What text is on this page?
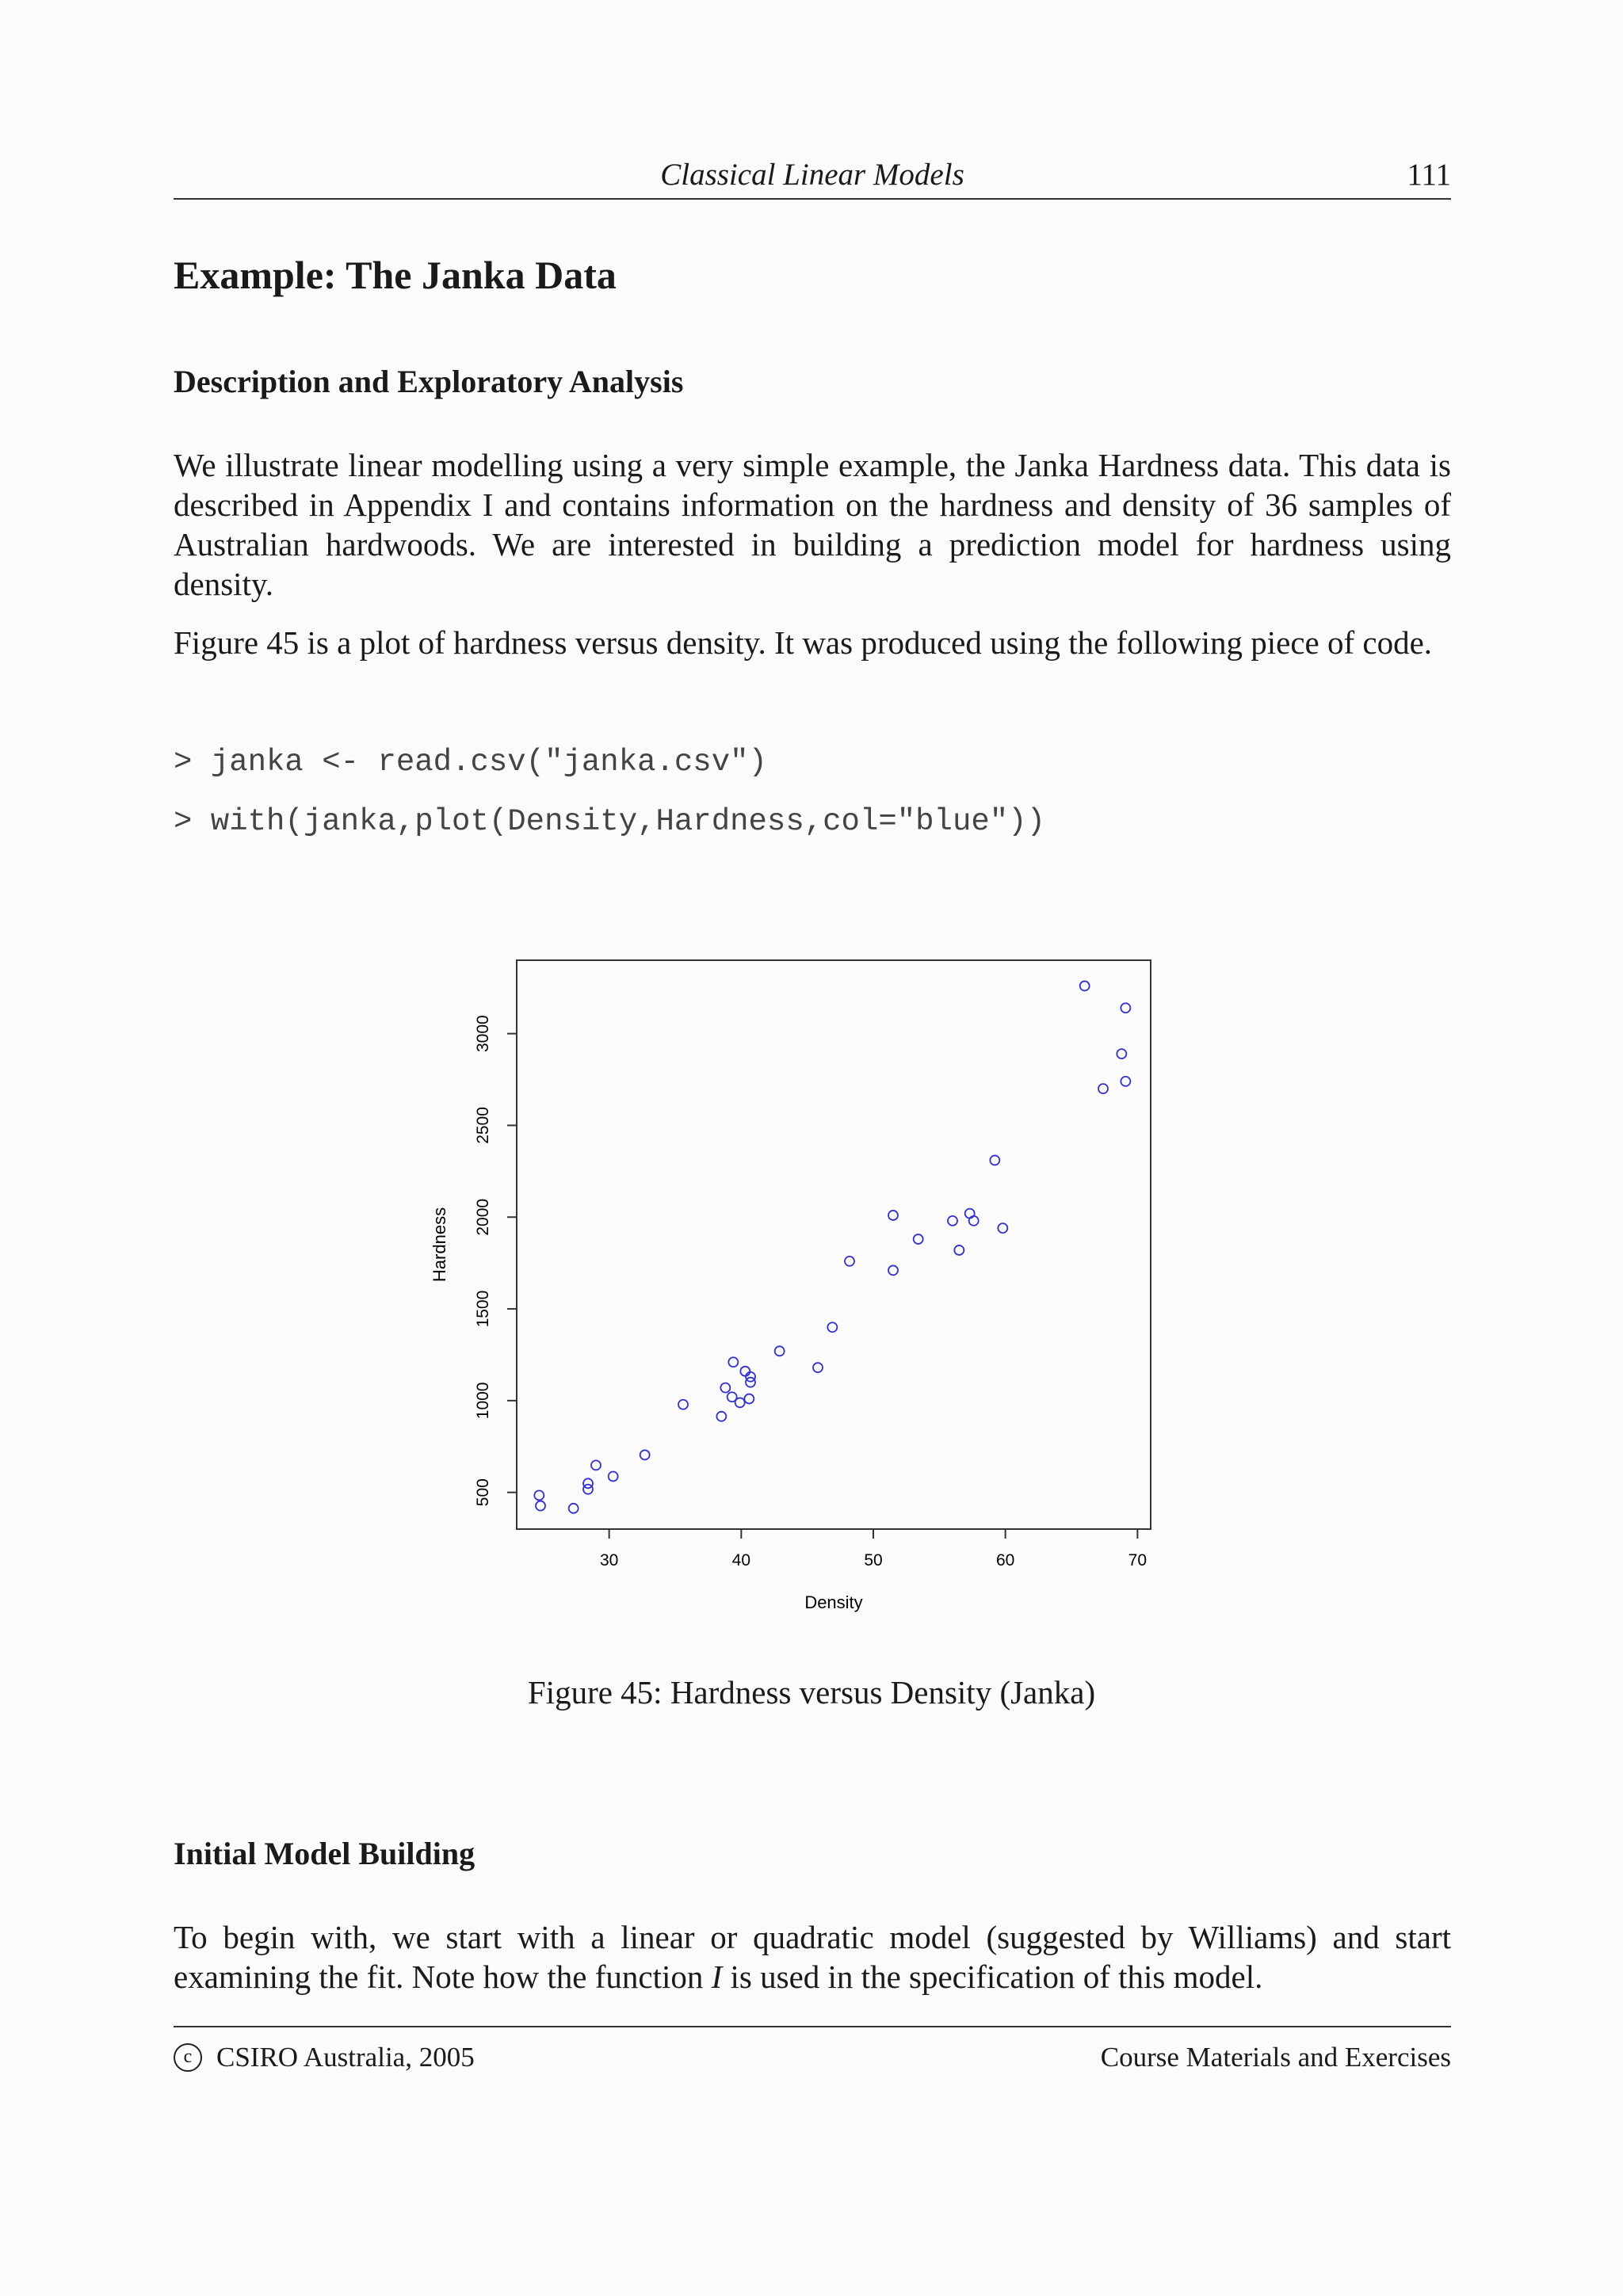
Classical Linear Models	111
Example: The Janka Data
Description and Exploratory Analysis

We illustrate linear modelling using a very simple example, the Janka Hardness data. This data is described in Appendix I and contains information on the hardness and density of 36 samples of Australian hardwoods. We are interested in building a prediction model for hardness using density.

Figure 45 is a plot of hardness versus density. It was produced using the following piece of code.

> janka <- read.csv("janka.csv")
> with(janka,plot(Density,Hardness,col="blue"))
30	40	50	60	70
500
1000
1500
2000
2500
3000
Density
Hardness
Figure 45: Hardness versus Density (Janka)
Initial Model Building

To begin with, we start with a linear or quadratic model (suggested by Williams) and start examining the fit. Note how the function I is used in the specification of this model.

c CSIRO Australia, 2005	Course Materials and Exercises
